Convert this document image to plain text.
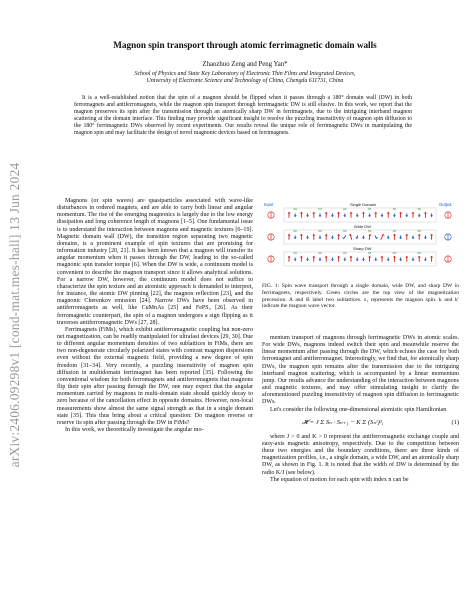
arXiv:2406.09298v1 [cond-mat.mes-hall] 13 Jun 2024
Magnon spin transport through atomic ferrimagnetic domain walls
Zhaozhuo Zeng and Peng Yan*
School of Physics and State Key Laboratory of Electronic Thin Films and Integrated Devices,
University of Electronic Science and Technology of China, Chengdu 611731, China

It is a well-established notion that the spin of a magnon should be flipped when it passes through a 180° domain wall (DW) in both ferromagnets and antiferromagnets, while the magnon spin transport through ferrimagnetic DW is still elusive. In this work, we report that the magnon preserves its spin after the transmission through an atomically sharp DW in ferrimagnets, due to the intriguing interband magnon scattering at the domain interface. This finding may provide significant insight to resolve the puzzling insensitivity of magnon spin diffusion to the 180° ferrimagnetic DWs observed by recent experiments. Our results reveal the unique role of ferrimagnetic DWs in manipulating the magnon spin and may facilitate the design of novel magnonic devices based on ferrimagnets.

Magnons (or spin waves) are quasiparticles associated with wave-like disturbances in ordered magnets, and are able to carry both linear and angular momentum. The rise of the emerging magnonics is largely due to the low energy dissipation and long coherence length of magnons [1–5]. One fundamental issue is to understand the interaction between magnons and magnetic textures [6–19]. Magnetic domain wall (DW), the transition region separating two magnetic domains, is a prominent example of spin textures that are promising for information industry [20, 21]. It has been known that a magnon will transfer its angular momentum when it passes through the DW, leading to the so-called magnonic spin transfer torque [6]. When the DW is wide, a continuum model is convenient to describe the magnon transport since it allows analytical solutions. For a narrow DW, however, the continuum model does not suffice to characterize the spin texture and an atomistic approach is demanded to interpret, for instance, the atomic DW pinning [22], the magnon reflection [23], and the magnonic Cherenkov emission [24]. Narrow DWs have been observed in antiferromagnets as well, like CuMnAs [25] and FePS₃ [26]. As their ferromagnetic counterpart, the spin of a magnon undergoes a sign flipping as it traverses antiferromagnetic DWs [27, 28].

Ferrimagnets (FiMs), which exhibit antiferromagnetic coupling but non-zero net magnetization, can be readily manipulated for ultrafast devices [29, 30]. Due to different angular momentum densities of two sublattices in FiMs, there are two non-degenerate circularly polarized states with contrast magnon dispersions even without the external magnetic field, providing a new degree of spin freedom [31–34]. Very recently, a puzzling insensitivity of magnon spin diffusion in multidomain ferrimagnet has been reported [35]. Following the conventional wisdom for both ferromagnets and antiferromagnets that magnons flip their spin after passing through the DW, one may expect that the angular momentum carried by magnons in multi-domain state should quickly decay to zero because of the cancellation effect in opposite domains. However, non-local measurements show almost the same signal strength as that in a single domain state [35]. This thus bring about a critical question: Do magnon reverse or reserve its spin after passing through the DW in FiMs?

In this work, we theoretically investigate the angular mo-

Input	Output
Single Domain
Wide DW
Sharp DW
FIG. 1: Spin wave transport through a single domain, wide DW, and sharp DW in ferrimagnets, respectively. Green circles are the top view of the magnetization precession. A and B label two sublattices. s₁ represents the magnon spin. k and k′ indicate the magnon wave vector.

mentum transport of magnons through ferrimagnetic DWs in atomic scales. For wide DWs, magnons indeed switch their spin and meanwhile reserve the linear momentum after passing through the DW, which echoes the case for both ferromagnet and antiferromagnet. Interestingly, we find that, for atomically sharp DWs, the magnon spin remains after the transmission due to the intriguing interband magnon scattering, which is accompanied by a linear momentum jump. Our results advance the understanding of the interaction between magnons and magnetic textures, and may offer stimulating insight to clarify the aforementioned puzzling insensitivity of magnon spin diffusion to ferrimagnetic DWs.

Let's consider the following one-dimensional atomistic spin Hamiltonian

𝓗 = J Σ Sₙ · Sₙ₊₁ − K Σ (Sₙᶻ)²,	(1)

where J > 0 and K > 0 represent the antiferromagnetic exchange couple and easy-axis magnetic anisotropy, respectively. Due to the competition between these two energies and the boundary conditions, there are three kinds of magnetization profiles, i.e., a single domain, a wide DW, and an atomically sharp DW, as shown in Fig. 1. It is noted that the width of DW is determined by the radio K/J (see below).

The equation of motion for each spin with index n can be
